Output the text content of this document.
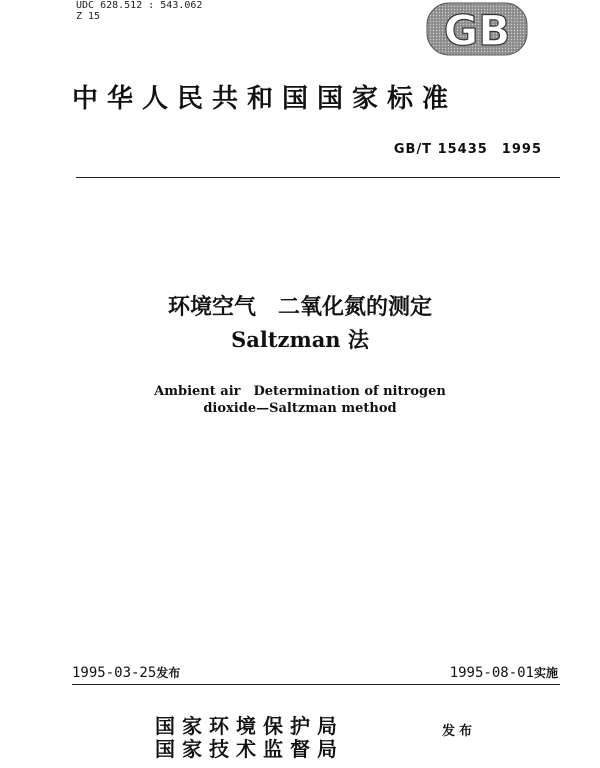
UDC 628.512 : 543.062
Z 15	GB
中华人民共和国国家标准
GB/T 15435　1995
环境空气　二氧化氮的测定
Saltzman 法
Ambient air　Determination of nitrogen
dioxide—Saltzman method
1995-03-25发布	1995-08-01实施
国家环境保护局
国家技术监督局
发布
